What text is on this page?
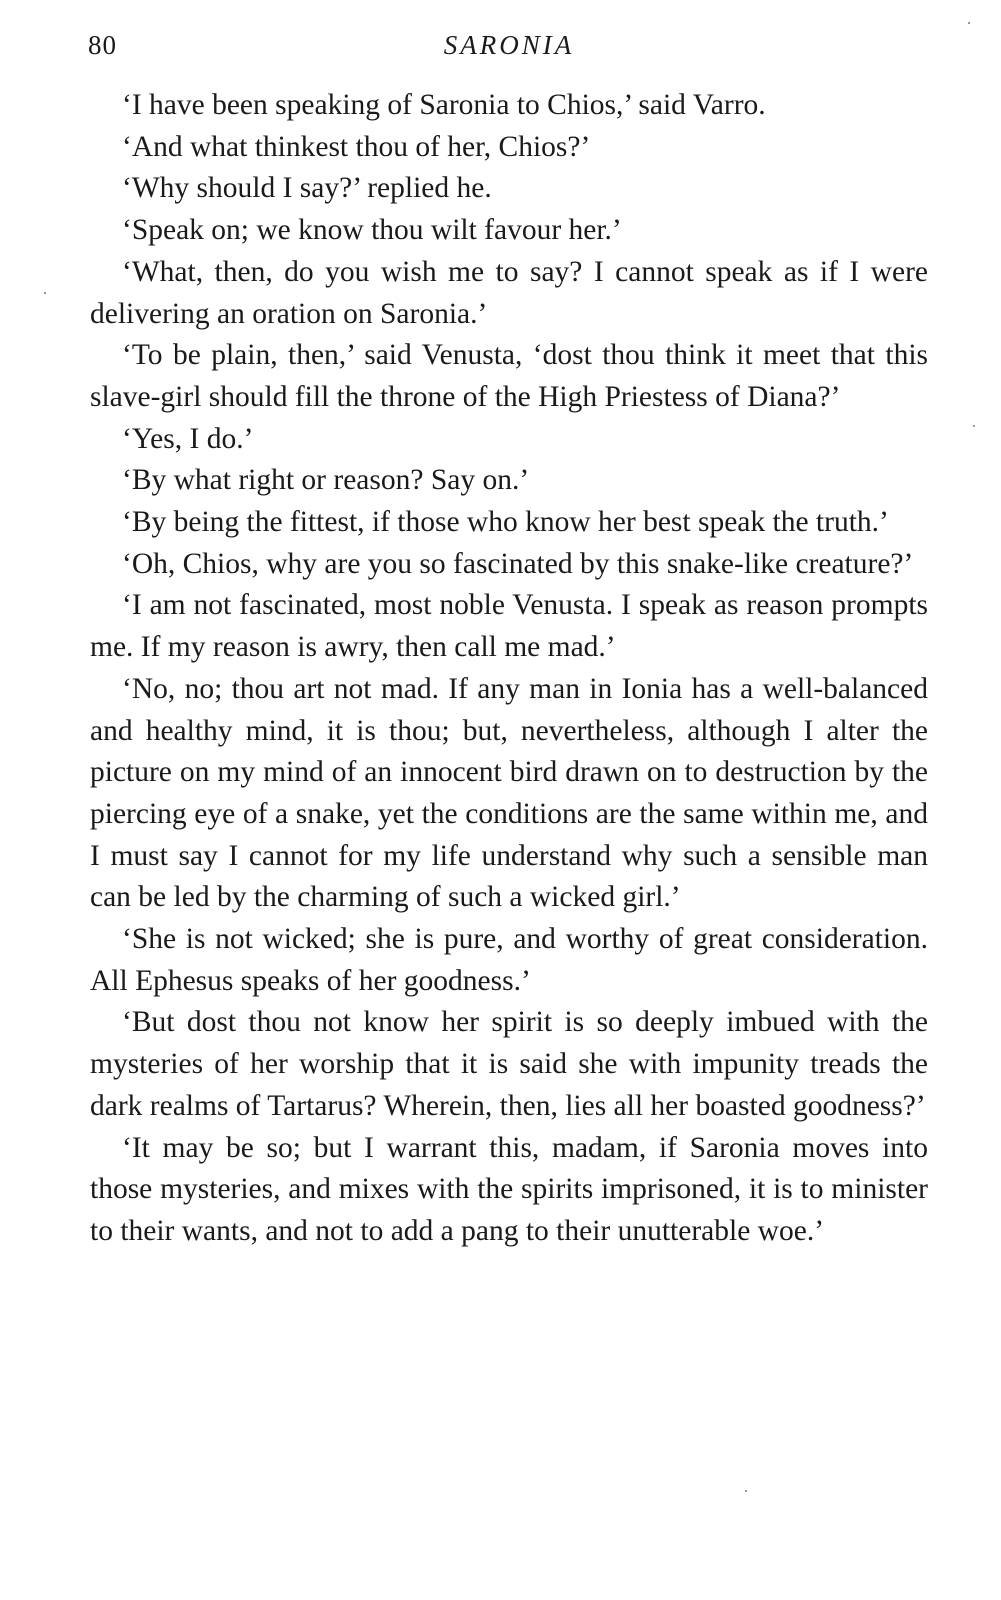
80	SARONIA

‘I have been speaking of Saronia to Chios,’ said Varro.

‘And what thinkest thou of her, Chios?’

‘Why should I say?’ replied he.

‘Speak on; we know thou wilt favour her.’

‘What, then, do you wish me to say? I cannot speak as if I were delivering an oration on Saronia.’

‘To be plain, then,’ said Venusta, ‘dost thou think it meet that this slave-girl should fill the throne of the High Priestess of Diana?’

‘Yes, I do.’

‘By what right or reason? Say on.’

‘By being the fittest, if those who know her best speak the truth.’

‘Oh, Chios, why are you so fascinated by this snake-like creature?’

‘I am not fascinated, most noble Venusta. I speak as reason prompts me. If my reason is awry, then call me mad.’

‘No, no; thou art not mad. If any man in Ionia has a well-balanced and healthy mind, it is thou; but, nevertheless, although I alter the picture on my mind of an innocent bird drawn on to destruction by the piercing eye of a snake, yet the conditions are the same within me, and I must say I cannot for my life understand why such a sensible man can be led by the charming of such a wicked girl.’

‘She is not wicked; she is pure, and worthy of great consideration. All Ephesus speaks of her goodness.’

‘But dost thou not know her spirit is so deeply imbued with the mysteries of her worship that it is said she with impunity treads the dark realms of Tartarus? Wherein, then, lies all her boasted goodness?’

‘It may be so; but I warrant this, madam, if Saronia moves into those mysteries, and mixes with the spirits imprisoned, it is to minister to their wants, and not to add a pang to their unutterable woe.’
